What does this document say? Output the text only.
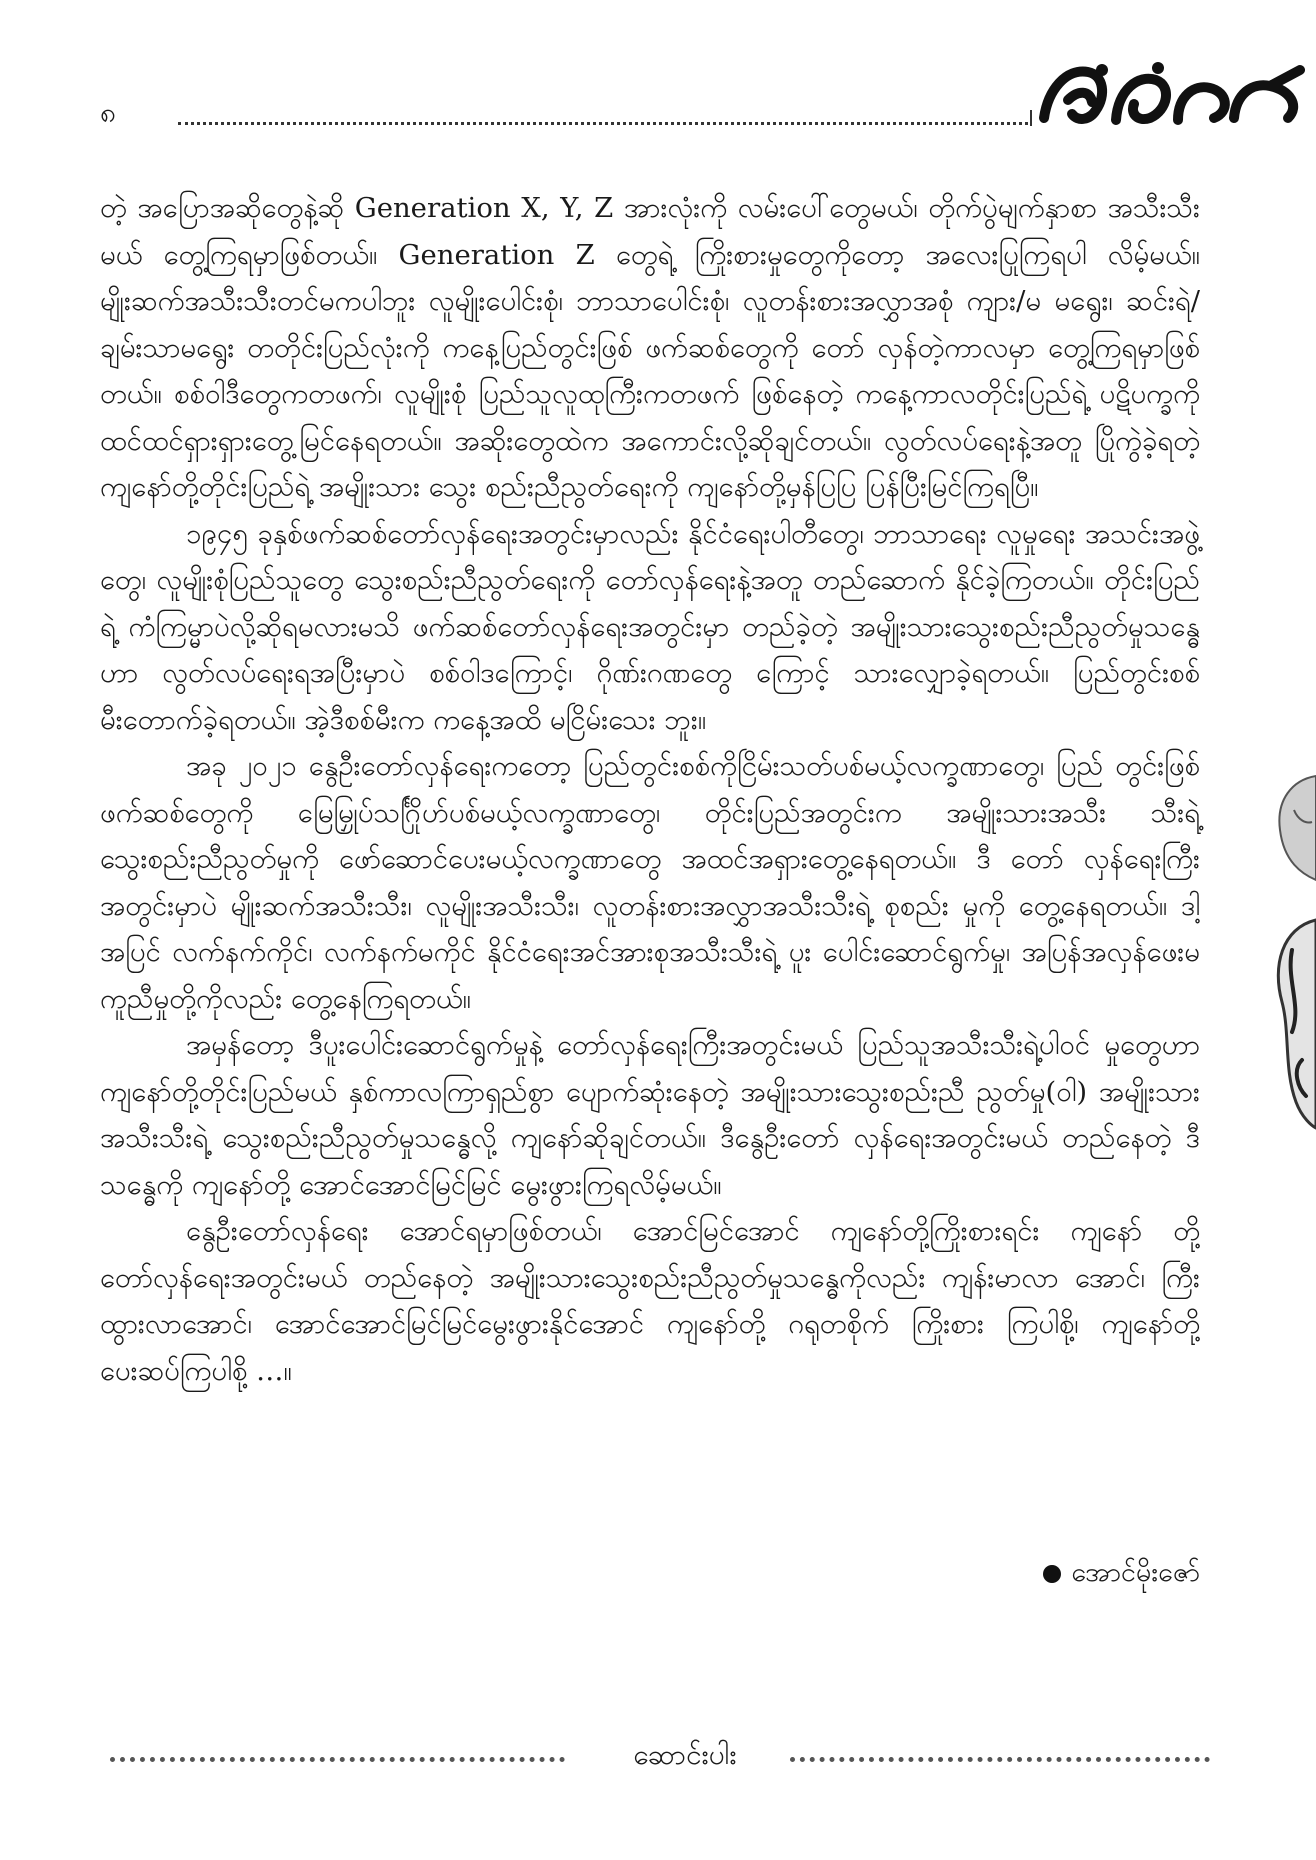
၈

တဲ့ အပြောအဆိုတွေနဲ့ဆို Generation X, Y, Z အားလုံးကို လမ်းပေါ်တွေမယ်၊ တိုက်ပွဲမျက်နှာစာ အသီးသီးမယ် တွေ့ကြရမှာဖြစ်တယ်။ Generation Z တွေရဲ့ ကြိုးစားမှုတွေကိုတော့ အလေးပြုကြရပါ လိမ့်မယ်။ မျိုးဆက်အသီးသီးတင်မကပါဘူး လူမျိုးပေါင်းစုံ၊ ဘာသာပေါင်းစုံ၊ လူတန်းစားအလွှာအစုံ ကျား/မ မရွေး၊ ဆင်းရဲ/ချမ်းသာမရွေး တတိုင်းပြည်လုံးကို ကနေ့ပြည်တွင်းဖြစ် ဖက်ဆစ်တွေကို တော် လှန်တဲ့ကာလမှာ တွေ့ကြရမှာဖြစ်တယ်။ စစ်ဝါဒီတွေကတဖက်၊ လူမျိုးစုံ ပြည်သူလူထုကြီးကတဖက် ဖြစ်နေတဲ့ ကနေ့ကာလတိုင်းပြည်ရဲ့ ပဋိပက္ခကို ထင်ထင်ရှားရှားတွေ့မြင်နေရတယ်။ အဆိုးတွေထဲက အကောင်းလို့ဆိုချင်တယ်။ လွတ်လပ်ရေးနဲ့အတူ ပြိုကွဲခဲ့ရတဲ့ ကျနော်တို့တိုင်းပြည်ရဲ့ အမျိုးသား သွေး စည်းညီညွတ်ရေးကို ကျနော်တို့မှန်ပြပြ ပြန်ပြီးမြင်ကြရပြီ။

၁၉၄၅ ခုနှစ်ဖက်ဆစ်တော်လှန်ရေးအတွင်းမှာလည်း နိုင်ငံရေးပါတီတွေ၊ ဘာသာရေး လူမှုရေး အသင်းအဖွဲ့တွေ၊ လူမျိုးစုံပြည်သူတွေ သွေးစည်းညီညွတ်ရေးကို တော်လှန်ရေးနဲ့အတူ တည်ဆောက် နိုင်ခဲ့ကြတယ်။ တိုင်းပြည်ရဲ့ ကံကြမ္မာပဲလို့ဆိုရမလားမသိ ဖက်ဆစ်တော်လှန်ရေးအတွင်းမှာ တည်ခဲ့တဲ့ အမျိုးသားသွေးစည်းညီညွတ်မှုသန္ဓေဟာ လွတ်လပ်ရေးရအပြီးမှာပဲ စစ်ဝါဒကြောင့်၊ ဂိုဏ်းဂဏတွေ ကြောင့် သားလျှောခဲ့ရတယ်။ ပြည်တွင်းစစ်မီးတောက်ခဲ့ရတယ်။ အဲ့ဒီစစ်မီးက ကနေ့အထိ မငြိမ်းသေး ဘူး။

အခု ၂၀၂၁ နွေဦးတော်လှန်ရေးကတော့ ပြည်တွင်းစစ်ကိုငြိမ်းသတ်ပစ်မယ့်လက္ခဏာတွေ၊ ပြည် တွင်းဖြစ်ဖက်ဆစ်တွေကို မြေမြှုပ်သင်္ဂြိုဟ်ပစ်မယ့်လက္ခဏာတွေ၊ တိုင်းပြည်အတွင်းက အမျိုးသားအသီး သီးရဲ့သွေးစည်းညီညွတ်မှုကို ဖော်ဆောင်ပေးမယ့်လက္ခဏာတွေ အထင်အရှားတွေ့နေရတယ်။ ဒီ တော် လှန်ရေးကြီးအတွင်းမှာပဲ မျိုးဆက်အသီးသီး၊ လူမျိုးအသီးသီး၊ လူတန်းစားအလွှာအသီးသီးရဲ့ စုစည်း မှုကို တွေ့နေရတယ်။ ဒါ့အပြင် လက်နက်ကိုင်၊ လက်နက်မကိုင် နိုင်ငံရေးအင်အားစုအသီးသီးရဲ့ ပူး ပေါင်းဆောင်ရွက်မှု၊ အပြန်အလှန်ဖေးမကူညီမှုတို့ကိုလည်း တွေ့နေကြရတယ်။

အမှန်တော့ ဒီပူးပေါင်းဆောင်ရွက်မှုနဲ့ တော်လှန်ရေးကြီးအတွင်းမယ် ပြည်သူအသီးသီးရဲ့ပါဝင် မှုတွေဟာ ကျနော်တို့တိုင်းပြည်မယ် နှစ်ကာလကြာရှည်စွာ ပျောက်ဆုံးနေတဲ့ အမျိုးသားသွေးစည်းညီ ညွတ်မှု(ဝါ) အမျိုးသားအသီးသီးရဲ့ သွေးစည်းညီညွတ်မှုသန္ဓေလို့ ကျနော်ဆိုချင်တယ်။ ဒီနွေဦးတော် လှန်ရေးအတွင်းမယ် တည်နေတဲ့ ဒီသန္ဓေကို ကျနော်တို့ အောင်အောင်မြင်မြင် မွေးဖွားကြရလိမ့်မယ်။

နွေဦးတော်လှန်ရေး အောင်ရမှာဖြစ်တယ်၊ အောင်မြင်အောင် ကျနော်တို့ကြိုးစားရင်း ကျနော် တို့ တော်လှန်ရေးအတွင်းမယ် တည်နေတဲ့ အမျိုးသားသွေးစည်းညီညွတ်မှုသန္ဓေကိုလည်း ကျန်းမာလာ အောင်၊ ကြီးထွားလာအောင်၊ အောင်အောင်မြင်မြင်မွေးဖွားနိုင်အောင် ကျနော်တို့ ဂရုတစိုက် ကြိုးစား ကြပါစို့၊ ကျနော်တို့ ပေးဆပ်ကြပါစို့ …။

အောင်မိုးဇော်
ဆောင်းပါး
